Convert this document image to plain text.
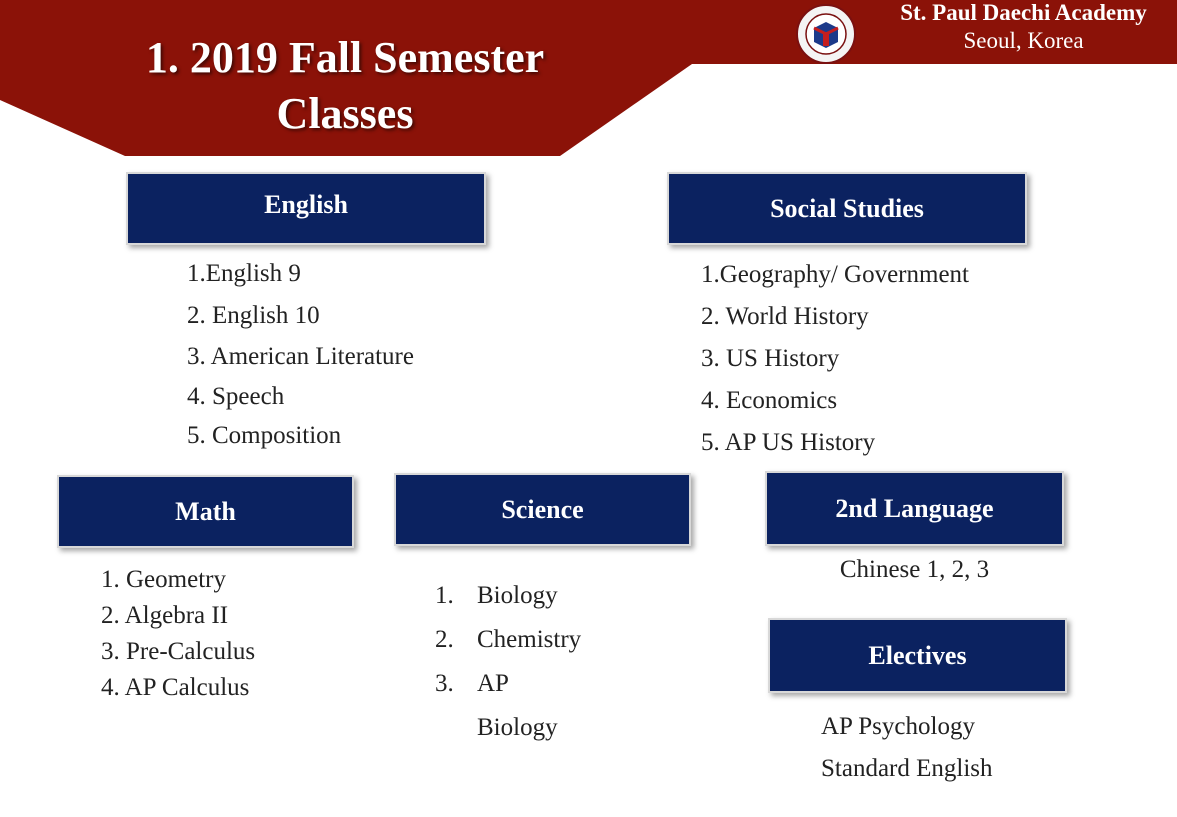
1. 2019 Fall Semester
Classes
St. Paul Daechi Academy
Seoul, Korea
English
1.English 9
2. English 10
3. American Literature
4. Speech
5. Composition
Social Studies
1.Geography/ Government
2. World History
3. US History
4. Economics
5. AP US History
Math
1. Geometry
2. Algebra II
3. Pre-Calculus
4. AP Calculus
Science
1. Biology
2. Chemistry
3. AP Biology
2nd Language
Chinese 1, 2, 3
Electives
AP Psychology
Standard English
